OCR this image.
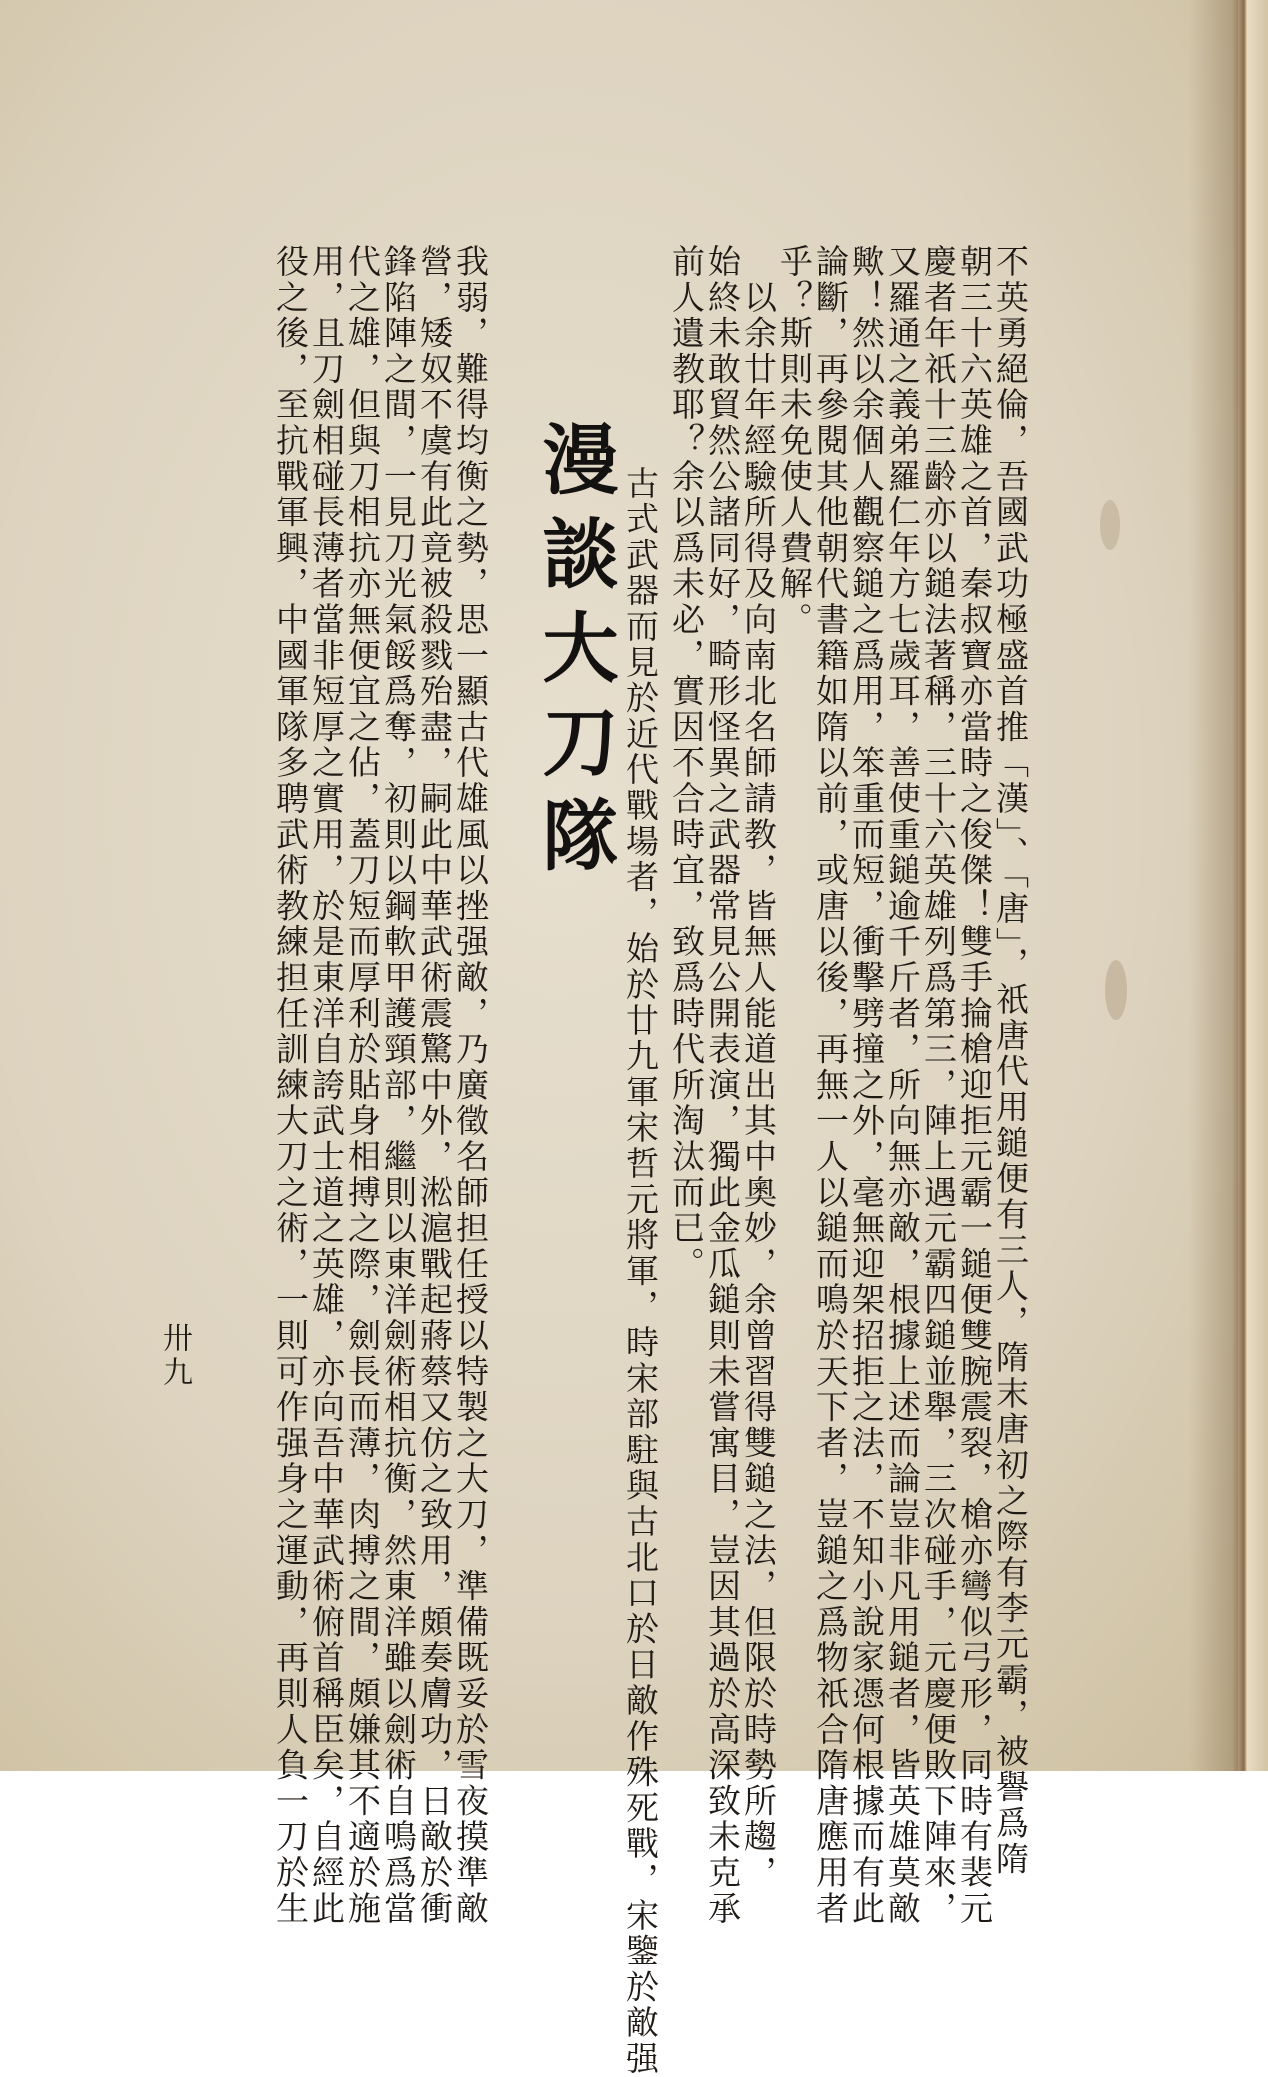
不英勇絕倫，吾國武功極盛首推「漢」、「唐」，祇唐代用鎚便有三人，隋末唐初之際有李元霸，被譽爲隋
朝三十六英雄之首，秦叔寶亦當時之俊傑！雙手掄槍迎拒元霸一鎚便雙腕震裂，槍亦彎似弓形，同時有裴元
慶者年祇十三齡亦以鎚法著稱，三十六英雄列爲第三，陣上遇元霸四鎚並舉，三次碰手，元慶便敗下陣來，
又羅通之義弟羅仁年方七歲耳，善使重鎚逾千斤者，所向無亦敵，根據上述而論豈非凡用鎚者，皆英雄莫敵
歟！然以余個人觀察鎚之爲用，笨重而短，衝擊劈撞之外，毫無迎架招拒之法，不知小說家憑何根據而有此
論斷，再參閱其他朝代書籍如隋以前，或唐以後，再無一人以鎚而鳴於天下者，豈鎚之爲物祇合隋唐應用者
乎？斯則未免使人費解。
　以余廿年經驗所得及向南北名師請教，皆無人能道出其中奧妙，余曾習得雙鎚之法，但限於時勢所趨，
始終未敢貿然公諸同好，畸形怪異之武器常見公開表演，獨此金瓜鎚則未嘗寓目，豈因其過於高深致未克承
前人遺教耶？余以爲未必，實因不合時宜，致爲時代所淘汰而已。
漫談大刀隊 　古式武器而見於近代戰場者，始於廿九軍宋哲元將軍，時宋部駐與古北口於日敵作殊死戰，宋鑒於敵强
我弱，難得均衡之勢，思一顯古代雄風以挫强敵，乃廣徵名師担任授以特製之大刀，準備既妥於雪夜摸準敵
營，矮奴不虞有此竟被殺戮殆盡，嗣此中華武術震驚中外，淞滬戰起蔣蔡又仿之致用，頗奏膚功，日敵於衝
鋒陷陣之間，一見刀光氣餒爲奪，初則以鋼軟甲護頸部，繼則以東洋劍術相抗衡，然東洋雖以劍術自鳴爲當
代之雄，但與刀相抗亦無便宜之佔，蓋刀短而厚利於貼身相搏之際，劍長而薄，肉搏之間，頗嫌其不適於施
用，且刀劍相碰長薄者當非短厚之實用，於是東洋自誇武士道之英雄，亦向吾中華武術俯首稱臣矣，自經此
役之後，至抗戰軍興，中國軍隊多聘武術教練担任訓練大刀之術，一則可作强身之運動，再則人負一刀於生
卅九
